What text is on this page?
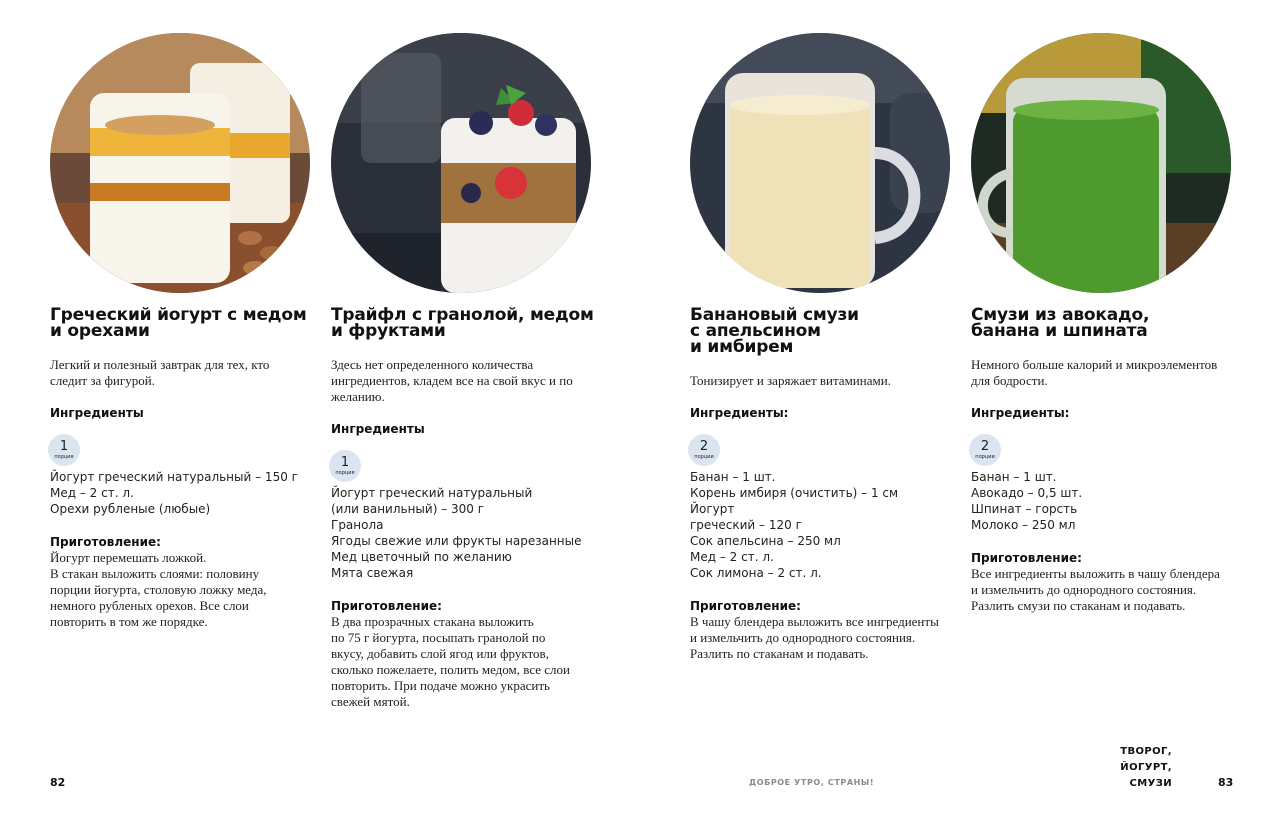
Греческий йогурт с медом
и орехами
Легкий и полезный завтрак для тех, кто
следит за фигурой.
Ингредиенты
1
порция
Йогурт греческий натуральный – 150 г
Мед – 2 ст. л.
Орехи рубленые (любые)
Приготовление:
Йогурт перемешать ложкой.
В стакан выложить слоями: половину
порции йогурта, столовую ложку меда,
немного рубленых орехов. Все слои
повторить в том же порядке.
Трайфл с гранолой, медом
и фруктами
Здесь нет определенного количества
ингредиентов, кладем все на свой вкус и по
желанию.
Ингредиенты
1
порция
Йогурт греческий натуральный
(или ванильный) – 300 г
Гранола
Ягоды свежие или фрукты нарезанные
Мед цветочный по желанию
Мята свежая
Приготовление:
В два прозрачных стакана выложить
по 75 г йогурта, посыпать гранолой по
вкусу, добавить слой ягод или фруктов,
сколько пожелаете, полить медом, все слои
повторить. При подаче можно украсить
свежей мятой.
Банановый смузи
с апельсином
и имбирем
Тонизирует и заряжает витаминами.
Ингредиенты:
2
порции
Банан – 1 шт.
Корень имбиря (очистить) – 1 см
Йогурт
греческий – 120 г
Сок апельсина – 250 мл
Мед – 2 ст. л.
Сок лимона – 2 ст. л.
Приготовление:
В чашу блендера выложить все ингредиенты
и измельчить до однородного состояния.
Разлить по стаканам и подавать.
Смузи из авокадо,
банана и шпината
Немного больше калорий и микроэлементов
для бодрости.
Ингредиенты:
2
порции
Банан – 1 шт.
Авокадо – 0,5 шт.
Шпинат – горсть
Молоко – 250 мл
Приготовление:
Все ингредиенты выложить в чашу блендера
и измельчить до однородного состояния.
Разлить смузи по стаканам и подавать.
82	ДОБРОЕ УТРО, СТРАНЫ!
ТВОРОГ,
ЙОГУРТ,
СМУЗИ	83
